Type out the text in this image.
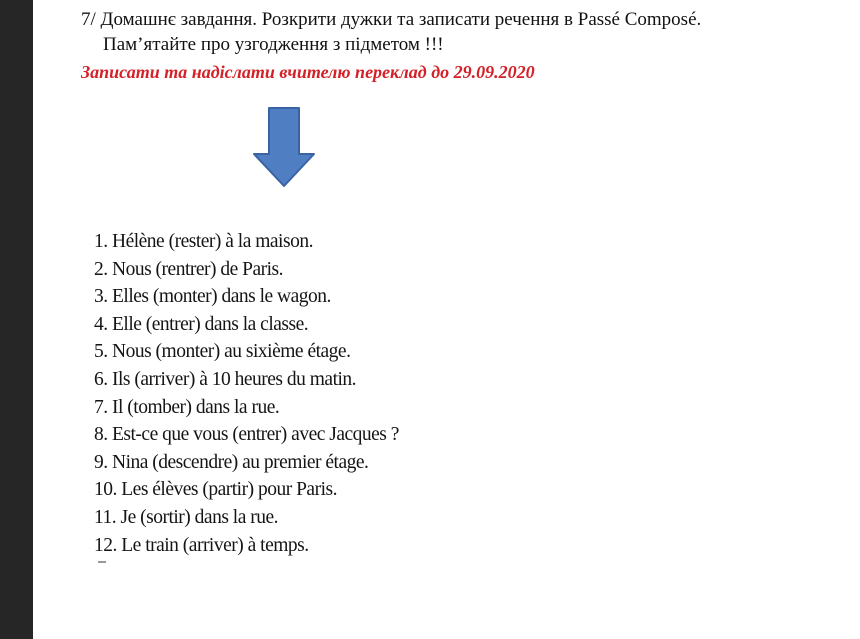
7/ Домашнє завдання. Розкрити дужки та записати речення в Passé Composé.
Пам’ятайте про узгодження з підметом !!!
Записати та надіслати вчителю переклад до 29.09.2020
1. Hélène (rester) à la maison.
2. Nous (rentrer) de Paris.
3. Elles (monter) dans le wagon.
4. Elle (entrer) dans la classe.
5. Nous (monter) au sixième étage.
6. Ils (arriver) à 10 heures du matin.
7. Il (tomber) dans la rue.
8. Est-ce que vous (entrer) avec Jacques ?
9. Nina (descendre) au premier étage.
10. Les élèves (partir) pour Paris.
11. Je (sortir) dans la rue.
12. Le train (arriver) à temps.
